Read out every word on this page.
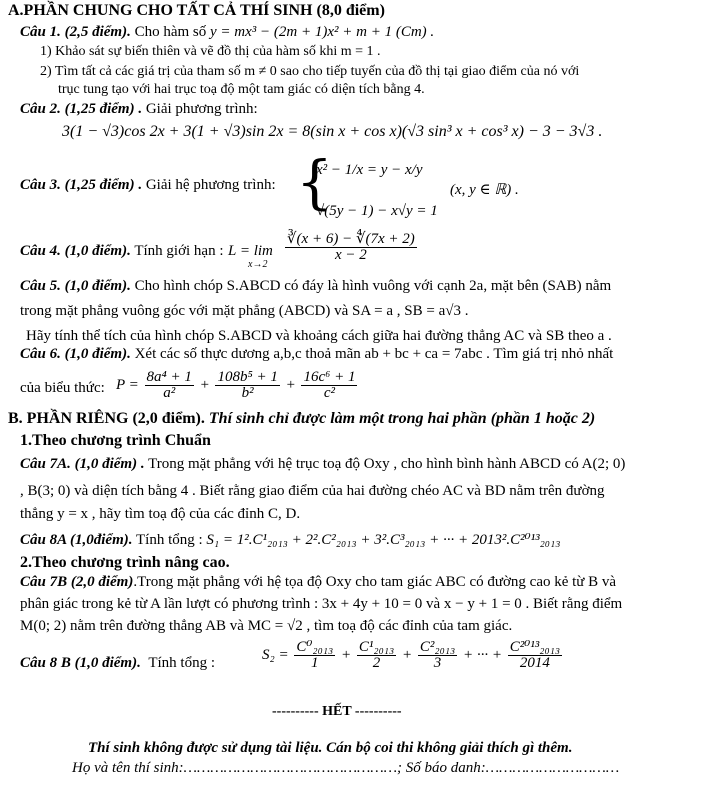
A.PHẦN CHUNG CHO TẤT CẢ THÍ SINH (8,0 điểm)
Câu 1. (2,5 điểm). Cho hàm số y = mx³ − (2m + 1)x² + m + 1 (Cm) .
1) Khảo sát sự biến thiên và vẽ đồ thị của hàm số khi m = 1 .
2) Tìm tất cả các giá trị của tham số m ≠ 0 sao cho tiếp tuyến của đồ thị tại giao điểm của nó với
trục tung tạo với hai trục toạ độ một tam giác có diện tích bằng 4.
Câu 2. (1,25 điểm) . Giải phương trình:
3(1 − √3)cos 2x + 3(1 + √3)sin 2x = 8(sin x + cos x)(√3 sin³ x + cos³ x) − 3 − 3√3 .
Câu 3. (1,25 điểm) . Giải hệ phương trình: {
x² − 1/x = y − x/y
√(5y − 1) − x√y = 1
(x, y ∈ ℝ) .
Câu 4. (1,0 điểm). Tính giới hạn : L = lim
x→2
$\frac{∛(x + 6) - ∜(7x + 2)}{x - 2}$
Câu 5. (1,0 điểm). Cho hình chóp S.ABCD có đáy là hình vuông với cạnh 2a, mặt bên (SAB) nằm
trong mặt phẳng vuông góc với mặt phẳng (ABCD) và SA = a , SB = a√3 .
Hãy tính thể tích của hình chóp S.ABCD và khoảng cách giữa hai đường thẳng AC và SB theo a .
Câu 6. (1,0 điểm). Xét các số thực dương a,b,c thoả mãn ab + bc + ca = 7abc . Tìm giá trị nhỏ nhất
của biểu thức: $P = \frac{\text{8a⁴ + 1}}{\text{a²}} + \frac{\text{108b⁵ + 1}}{\text{b²}} + \frac{\text{16c⁶ + 1}}{\text{c²}}$
B. PHẦN RIÊNG (2,0 điểm). Thí sinh chỉ được làm một trong hai phần (phần 1 hoặc 2)
1.Theo chương trình Chuẩn
Câu 7A. (1,0 điểm) . Trong mặt phẳng với hệ trục toạ độ Oxy , cho hình bình hành ABCD có A(2; 0)
, B(3; 0) và diện tích bằng 4 . Biết rằng giao điểm của hai đường chéo AC và BD nằm trên đường
thẳng y = x , hãy tìm toạ độ của các đỉnh C, D.
Câu 8A (1,0điểm). Tính tổng : S₁ = 1².C¹₂₀₁₃ + 2².C²₂₀₁₃ + 3².C³₂₀₁₃ + ··· + 2013².C²⁰¹³₂₀₁₃
2.Theo chương trình nâng cao.
Câu 7B (2,0 điểm).Trong mặt phẳng với hệ tọa độ Oxy cho tam giác ABC có đường cao kẻ từ B và
phân giác trong kẻ từ A lần lượt có phương trình : 3x + 4y + 10 = 0 và x − y + 1 = 0 . Biết rằng điểm
M(0; 2) nằm trên đường thẳng AB và MC = √2 , tìm toạ độ các đỉnh của tam giác.
Câu 8 B (1,0 điểm). Tính tổng :
$S_2 = \frac{\text{C⁰₂₀₁₃}}{1} + \frac{\text{C¹₂₀₁₃}}{2} + \frac{\text{C²₂₀₁₃}}{3}$ + ··· + $\frac{\text{C²⁰¹³₂₀₁₃}}{2014}$
---------- HẾT ----------
Thí sinh không được sử dụng tài liệu. Cán bộ coi thi không giải thích gì thêm.
Họ và tên thí sinh:…………………………………………; Số báo danh:…………………………
